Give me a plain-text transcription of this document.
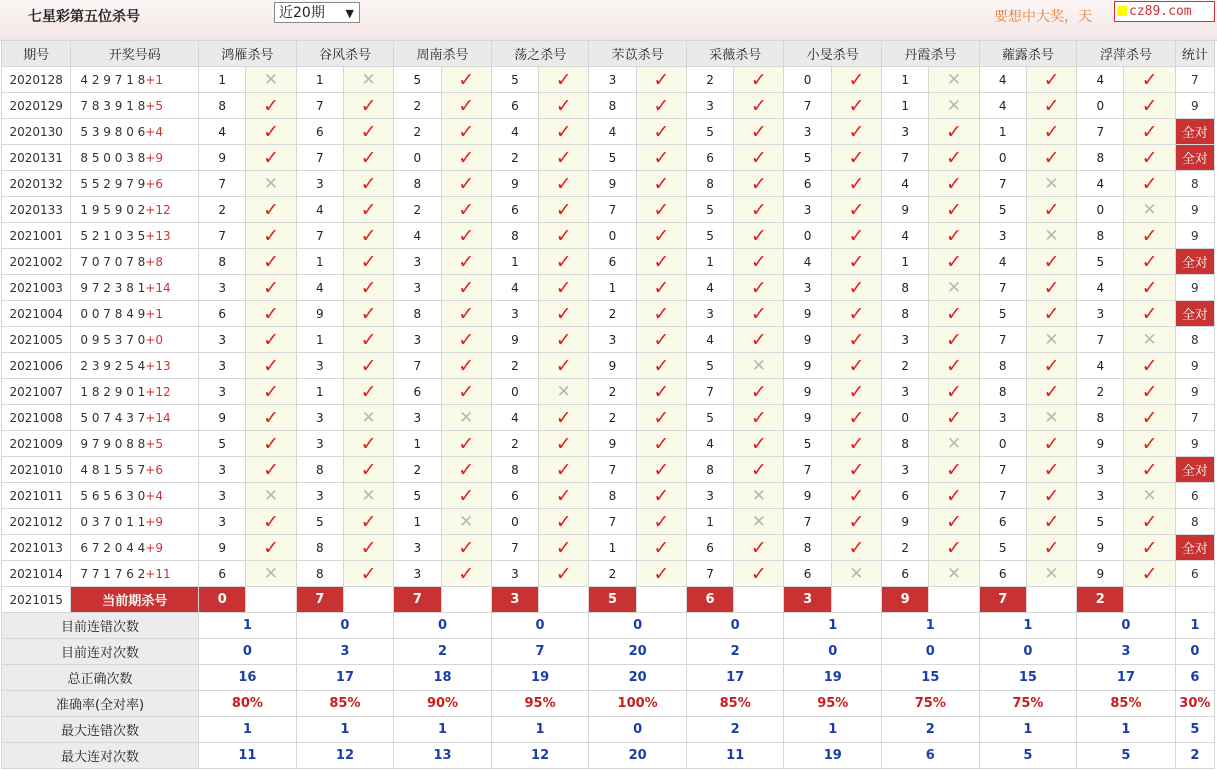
七星彩第五位杀号	近20期 ▼	要想中大奖，天	cz89.com
期号	开奖号码	鸿雁杀号		谷风杀号		周南杀号		荡之杀号		芣苡杀号		采薇杀号		小旻杀号		丹霞杀号		蕹露杀号		浮萍杀号		统计
2020128	4 2 9 7 1 8+1	1	✕	1	✕	5	✓	5	✓	3	✓	2	✓	0	✓	1	✕	4	✓	4	✓	7
2020129	7 8 3 9 1 8+5	8	✓	7	✓	2	✓	6	✓	8	✓	3	✓	7	✓	1	✕	4	✓	0	✓	9
2020130	5 3 9 8 0 6+4	4	✓	6	✓	2	✓	4	✓	4	✓	5	✓	3	✓	3	✓	1	✓	7	✓	全对
2020131	8 5 0 0 3 8+9	9	✓	7	✓	0	✓	2	✓	5	✓	6	✓	5	✓	7	✓	0	✓	8	✓	全对
2020132	5 5 2 9 7 9+6	7	✕	3	✓	8	✓	9	✓	9	✓	8	✓	6	✓	4	✓	7	✕	4	✓	8
2020133	1 9 5 9 0 2+12	2	✓	4	✓	2	✓	6	✓	7	✓	5	✓	3	✓	9	✓	5	✓	0	✕	9
2021001	5 2 1 0 3 5+13	7	✓	7	✓	4	✓	8	✓	0	✓	5	✓	0	✓	4	✓	3	✕	8	✓	9
2021002	7 0 7 0 7 8+8	8	✓	1	✓	3	✓	1	✓	6	✓	1	✓	4	✓	1	✓	4	✓	5	✓	全对
2021003	9 7 2 3 8 1+14	3	✓	4	✓	3	✓	4	✓	1	✓	4	✓	3	✓	8	✕	7	✓	4	✓	9
2021004	0 0 7 8 4 9+1	6	✓	9	✓	8	✓	3	✓	2	✓	3	✓	9	✓	8	✓	5	✓	3	✓	全对
2021005	0 9 5 3 7 0+0	3	✓	1	✓	3	✓	9	✓	3	✓	4	✓	9	✓	3	✓	7	✕	7	✕	8
2021006	2 3 9 2 5 4+13	3	✓	3	✓	7	✓	2	✓	9	✓	5	✕	9	✓	2	✓	8	✓	4	✓	9
2021007	1 8 2 9 0 1+12	3	✓	1	✓	6	✓	0	✕	2	✓	7	✓	9	✓	3	✓	8	✓	2	✓	9
2021008	5 0 7 4 3 7+14	9	✓	3	✕	3	✕	4	✓	2	✓	5	✓	9	✓	0	✓	3	✕	8	✓	7
2021009	9 7 9 0 8 8+5	5	✓	3	✓	1	✓	2	✓	9	✓	4	✓	5	✓	8	✕	0	✓	9	✓	9
2021010	4 8 1 5 5 7+6	3	✓	8	✓	2	✓	8	✓	7	✓	8	✓	7	✓	3	✓	7	✓	3	✓	全对
2021011	5 6 5 6 3 0+4	3	✕	3	✕	5	✓	6	✓	8	✓	3	✕	9	✓	6	✓	7	✓	3	✕	6
2021012	0 3 7 0 1 1+9	3	✓	5	✓	1	✕	0	✓	7	✓	1	✕	7	✓	9	✓	6	✓	5	✓	8
2021013	6 7 2 0 4 4+9	9	✓	8	✓	3	✓	7	✓	1	✓	6	✓	8	✓	2	✓	5	✓	9	✓	全对
2021014	7 7 1 7 6 2+11	6	✕	8	✓	3	✓	3	✓	2	✓	7	✓	6	✕	6	✕	6	✕	9	✓	6
2021015	当前期杀号	0		7		7		3		5		6		3		9		7		2		
目前连错次数		1		0		0		0		0		0		1		1		1		0		1
目前连对次数		0		3		2		7		20		2		0		0		0		3		0
总正确次数		16		17		18		19		20		17		19		15		15		17		6
准确率(全对率)		80%		85%		90%		95%		100%		85%		95%		75%		75%		85%		30%
最大连错次数		1		1		1		1		0		2		1		2		1		1		5
最大连对次数		11		12		13		12		20		11		19		6		5		5		2
